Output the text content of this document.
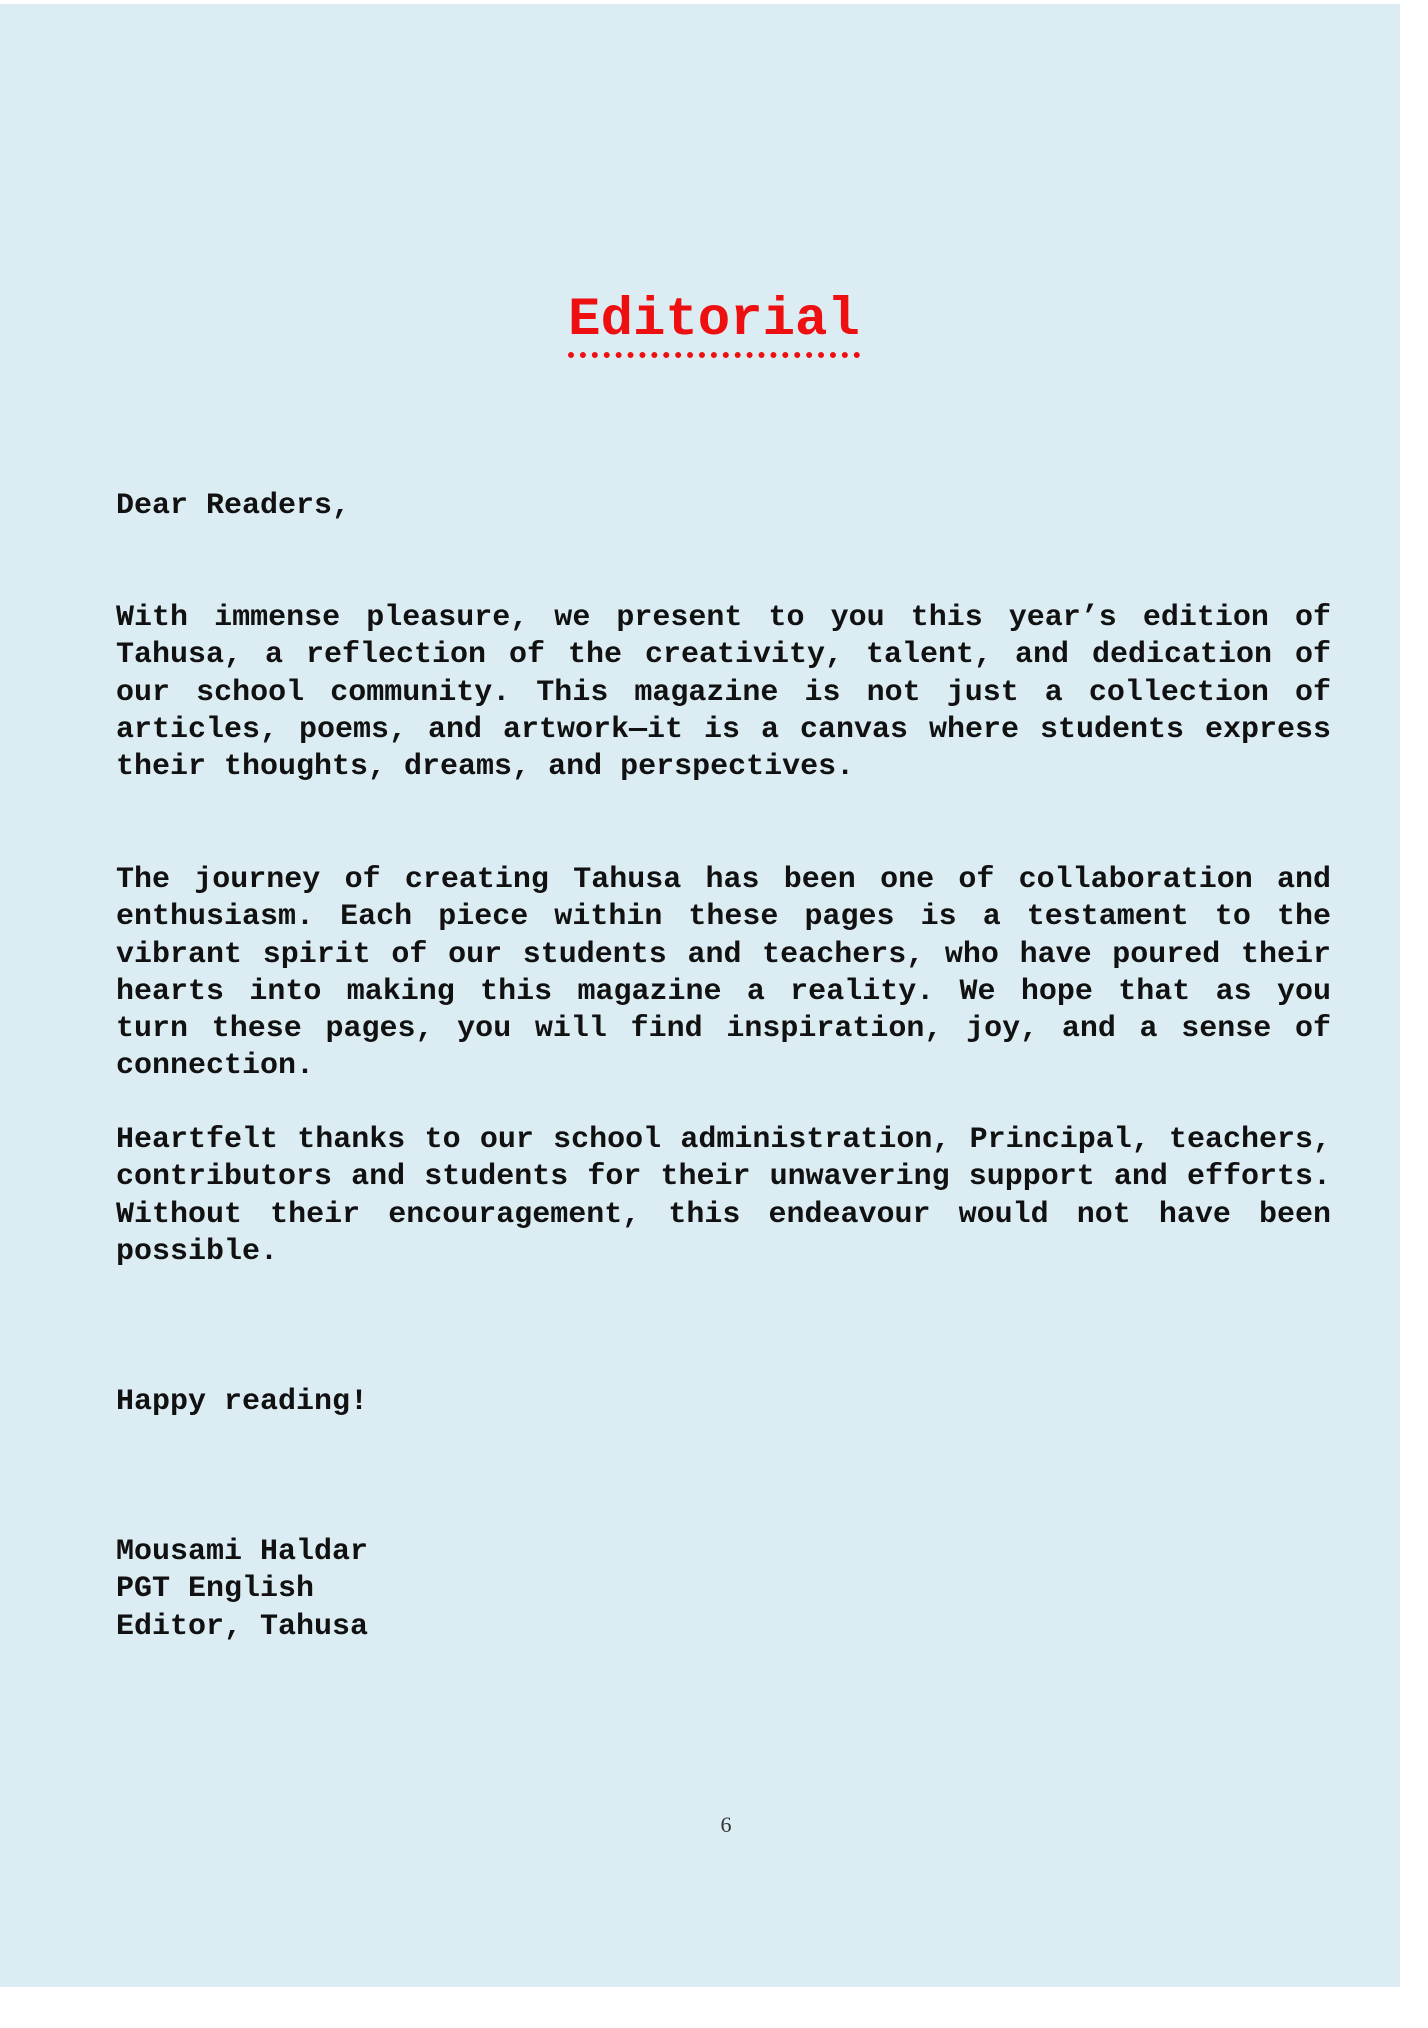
Editorial
Dear Readers,
With immense pleasure, we present to you this year’s edition of Tahusa, a reflection of the creativity, talent, and dedication of our school community. This magazine is not just a collection of articles, poems, and artwork—it is a canvas where students express their thoughts, dreams, and perspectives.
The journey of creating Tahusa has been one of collaboration and enthusiasm. Each piece within these pages is a testament to the vibrant spirit of our students and teachers, who have poured their hearts into making this magazine a reality. We hope that as you turn these pages, you will find inspiration, joy, and a sense of connection.
Heartfelt thanks to our school administration, Principal, teachers, contributors and students for their unwavering support and efforts. Without their encouragement, this endeavour would not have been possible.
Happy reading!
Mousami Haldar
PGT English
Editor, Tahusa
6
